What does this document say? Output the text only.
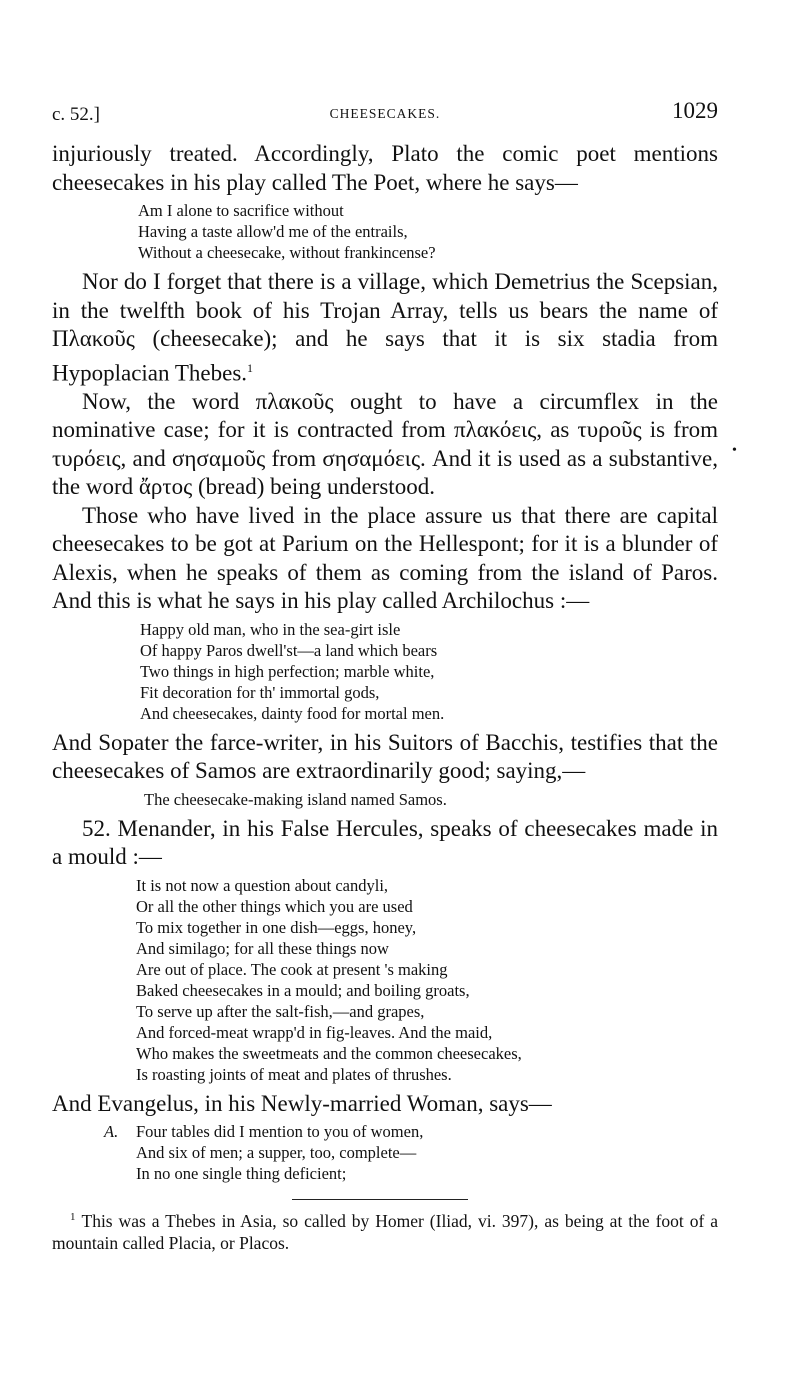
c. 52.]	CHEESECAKES.	1029

injuriously treated. Accordingly, Plato the comic poet mentions cheesecakes in his play called The Poet, where he says—

Am I alone to sacrifice without
Having a taste allow'd me of the entrails,
Without a cheesecake, without frankincense?

Nor do I forget that there is a village, which Demetrius the Scepsian, in the twelfth book of his Trojan Array, tells us bears the name of Πλακοῦς (cheesecake); and he says that it is six stadia from Hypoplacian Thebes.$^1$

Now, the word πλακοῦς ought to have a circumflex in the nominative case; for it is contracted from πλακόεις, as τυροῦς is from τυρόεις, and σησαμοῦς from σησαμόεις. And it is used as a substantive, the word ἄρτος (bread) being understood.

Those who have lived in the place assure us that there are capital cheesecakes to be got at Parium on the Hellespont; for it is a blunder of Alexis, when he speaks of them as coming from the island of Paros. And this is what he says in his play called Archilochus :—

Happy old man, who in the sea-girt isle
Of happy Paros dwell'st—a land which bears
Two things in high perfection; marble white,
Fit decoration for th' immortal gods,
And cheesecakes, dainty food for mortal men.

And Sopater the farce-writer, in his Suitors of Bacchis, testifies that the cheesecakes of Samos are extraordinarily good; saying,—

The cheesecake-making island named Samos.

52. Menander, in his False Hercules, speaks of cheesecakes made in a mould :—

It is not now a question about candyli,
Or all the other things which you are used
To mix together in one dish—eggs, honey,
And similago; for all these things now
Are out of place. The cook at present 's making
Baked cheesecakes in a mould; and boiling groats,
To serve up after the salt-fish,—and grapes,
And forced-meat wrapp'd in fig-leaves. And the maid,
Who makes the sweetmeats and the common cheesecakes,
Is roasting joints of meat and plates of thrushes.

And Evangelus, in his Newly-married Woman, says—

A. Four tables did I mention to you of women,
And six of men; a supper, too, complete—
In no one single thing deficient;
$^1$ This was a Thebes in Asia, so called by Homer (Iliad, vi. 397), as being at the foot of a mountain called Placia, or Placos.
•
